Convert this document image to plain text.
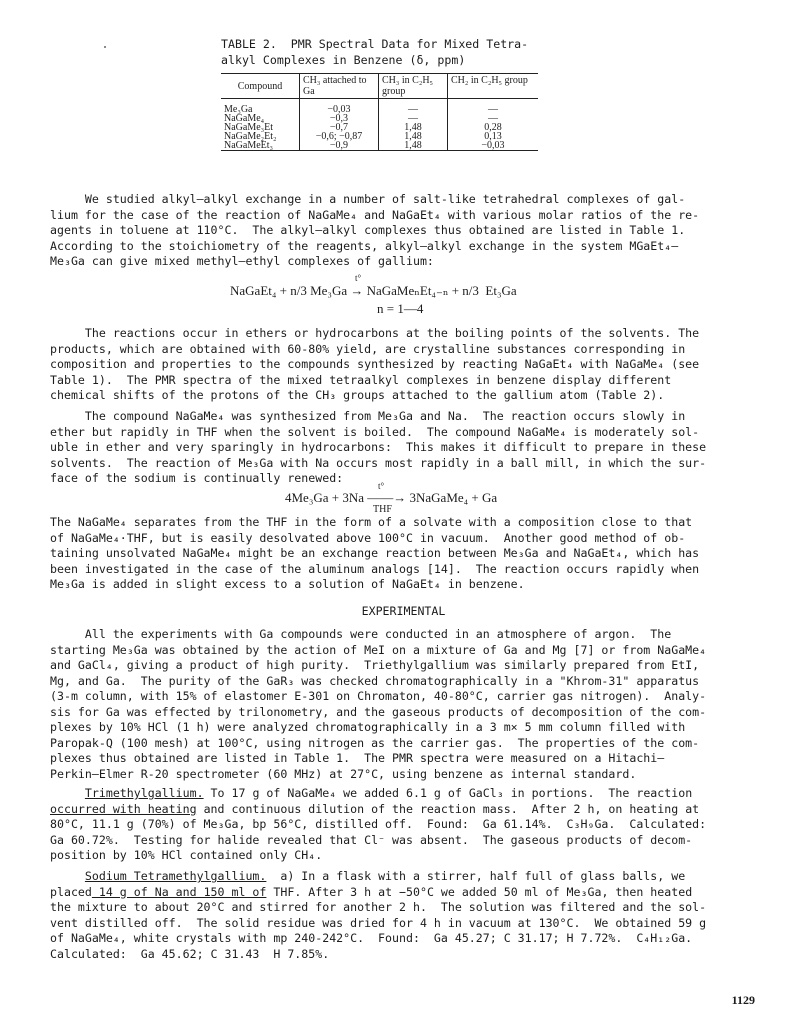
TABLE 2.  PMR Spectral Data for Mixed Tetra-
alkyl Complexes in Benzene (δ, ppm)
Compound	CH₃ attached to Ga	CH₃ in C₂H₅ group	CH₂ in C₂H₅ group

Me₃Ga	−0,03	—	—
NaGaMe₄	−0,3	—	—
NaGaMe₃Et	−0,7	1,48	0,28
NaGaMe₂Et₂	−0,6; −0,87	1,48	0,13
NaGaMeEt₃	−0,9	1,48	−0,03
We studied alkyl–alkyl exchange in a number of salt-like tetrahedral complexes of gal-
lium for the case of the reaction of NaGaMe₄ and NaGaEt₄ with various molar ratios of the re-
agents in toluene at 110°C.  The alkyl–alkyl complexes thus obtained are listed in Table 1.
According to the stoichiometry of the reagents, alkyl–alkyl exchange in the system MGaEt₄–
Me₃Ga can give mixed methyl–ethyl complexes of gallium:
t°
NaGaEt₄ + n/3 Me₃Ga → NaGaMeₙEt₄₋ₙ + n/3  Et₃Ga
n = 1—4
The reactions occur in ethers or hydrocarbons at the boiling points of the solvents. The
products, which are obtained with 60-80% yield, are crystalline substances corresponding in
composition and properties to the compounds synthesized by reacting NaGaEt₄ with NaGaMe₄ (see
Table 1).  The PMR spectra of the mixed tetraalkyl complexes in benzene display different
chemical shifts of the protons of the CH₃ groups attached to the gallium atom (Table 2).
The compound NaGaMe₄ was synthesized from Me₃Ga and Na.  The reaction occurs slowly in
ether but rapidly in THF when the solvent is boiled.  The compound NaGaMe₄ is moderately sol-
uble in ether and very sparingly in hydrocarbons:  This makes it difficult to prepare in these
solvents.  The reaction of Me₃Ga with Na occurs most rapidly in a ball mill, in which the sur-
face of the sodium is continually renewed:
t°
4Me₃Ga + 3Na ——→ 3NaGaMe₄ + Ga
THF
The NaGaMe₄ separates from the THF in the form of a solvate with a composition close to that
of NaGaMe₄·THF, but is easily desolvated above 100°C in vacuum.  Another good method of ob-
taining unsolvated NaGaMe₄ might be an exchange reaction between Me₃Ga and NaGaEt₄, which has
been investigated in the case of the aluminum analogs [14].  The reaction occurs rapidly when
Me₃Ga is added in slight excess to a solution of NaGaEt₄ in benzene.
EXPERIMENTAL
All the experiments with Ga compounds were conducted in an atmosphere of argon.  The
starting Me₃Ga was obtained by the action of MeI on a mixture of Ga and Mg [7] or from NaGaMe₄
and GaCl₄, giving a product of high purity.  Triethylgallium was similarly prepared from EtI,
Mg, and Ga.  The purity of the GaR₃ was checked chromatographically in a "Khrom-31" apparatus
(3-m column, with 15% of elastomer E-301 on Chromaton, 40-80°C, carrier gas nitrogen).  Analy-
sis for Ga was effected by trilonometry, and the gaseous products of decomposition of the com-
plexes by 10% HCl (1 h) were analyzed chromatographically in a 3 m× 5 mm column filled with
Paropak-Q (100 mesh) at 100°C, using nitrogen as the carrier gas.  The properties of the com-
plexes thus obtained are listed in Table 1.  The PMR spectra were measured on a Hitachi–
Perkin–Elmer R-20 spectrometer (60 MHz) at 27°C, using benzene as internal standard.
Trimethylgallium. To 17 g of NaGaMe₄ we added 6.1 g of GaCl₃ in portions.  The reaction
occurred with heating and continuous dilution of the reaction mass.  After 2 h, on heating at
80°C, 11.1 g (70%) of Me₃Ga, bp 56°C, distilled off.  Found:  Ga 61.14%.  C₃H₉Ga.  Calculated:
Ga 60.72%.  Testing for halide revealed that Cl⁻ was absent.  The gaseous products of decom-
position by 10% HCl contained only CH₄.
Sodium Tetramethylgallium.  a) In a flask with a stirrer, half full of glass balls, we
placed 14 g of Na and 150 ml of THF. After 3 h at −50°C we added 50 ml of Me₃Ga, then heated
the mixture to about 20°C and stirred for another 2 h.  The solution was filtered and the sol-
vent distilled off.  The solid residue was dried for 4 h in vacuum at 130°C.  We obtained 59 g
of NaGaMe₄, white crystals with mp 240-242°C.  Found:  Ga 45.27; C 31.17; H 7.72%.  C₄H₁₂Ga.
Calculated:  Ga 45.62; C 31.43  H 7.85%.
1129
